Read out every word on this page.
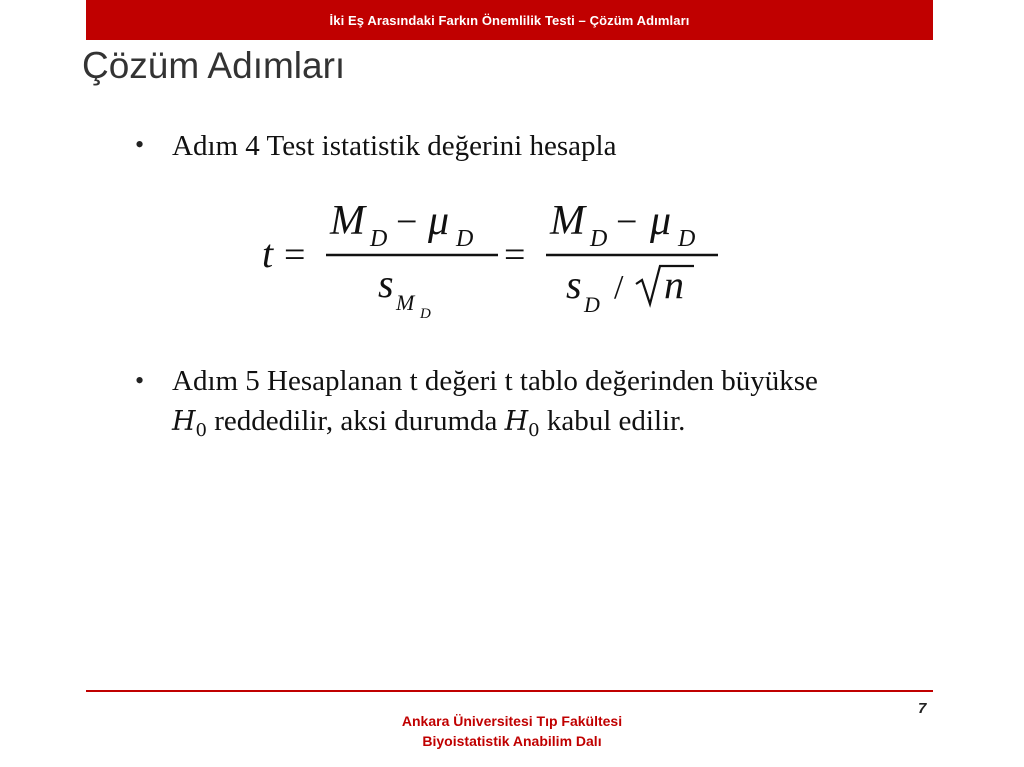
İki Eş Arasındaki Farkın Önemlilik Testi – Çözüm Adımları
Çözüm Adımları
• Adım 4 Test istatistik değerini hesapla
t =
M D − μ D
s M D
=
M D − μ D
s D / n
• Adım 5 Hesaplanan t değeri t tablo değerinden büyükse $H_0$ reddedilir, aksi durumda $H_0$ kabul edilir.
7
Ankara Üniversitesi Tıp Fakültesi
Biyoistatistik Anabilim Dalı
